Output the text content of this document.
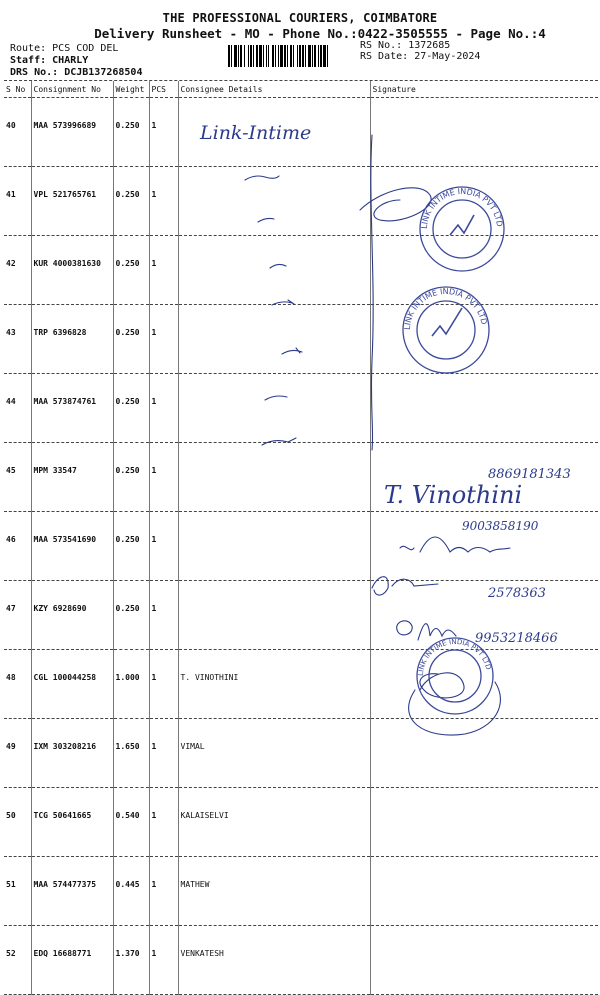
THE PROFESSIONAL COURIERS, COIMBATORE
Delivery Runsheet - MO - Phone No.:0422-3505555 - Page No.:4
Route: PCS COD DEL
Staff: CHARLY
DRS No.: DCJB137268504
RS No.: 1372685
RS Date: 27-May-2024
S No	Consignment No	Weight	PCS	Consignee Details	Signature
40	MAA 573996689	0.250	1		
41	VPL 521765761	0.250	1		
42	KUR 4000381630	0.250	1		
43	TRP 6396828	0.250	1		
44	MAA 573874761	0.250	1		
45	MPM 33547	0.250	1		
46	MAA 573541690	0.250	1		
47	KZY 6928690	0.250	1		
48	CGL 100044258	1.000	1	T. VINOTHINI	
49	IXM 303208216	1.650	1	VIMAL	
50	TCG 50641665	0.540	1	KALAISELVI	
51	MAA 574477375	0.445	1	MATHEW	
52	EDQ 16688771	1.370	1	VENKATESH	
Link-Intime
T. Vinothini
8869181343
9003858190
2578363
9953218466
LINK INTIME INDIA PVT LTD
LINK INTIME INDIA PVT LTD
LINK INTIME INDIA PVT LTD
